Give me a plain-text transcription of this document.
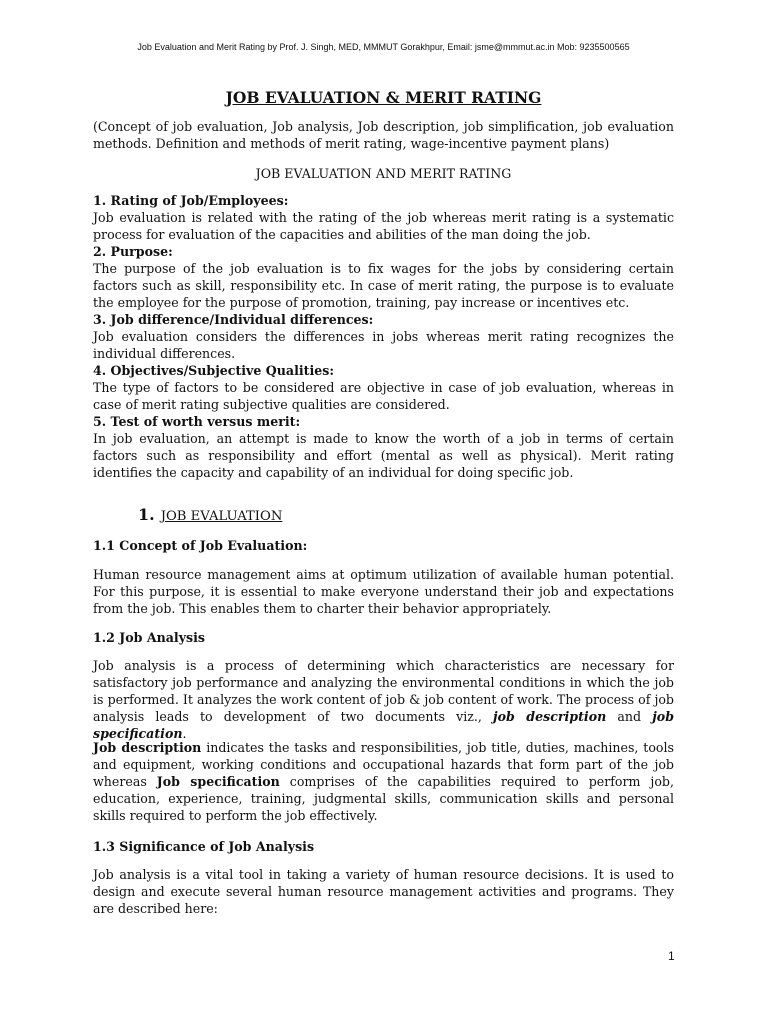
Job Evaluation and Merit Rating by Prof. J. Singh, MED, MMMUT Gorakhpur, Email: jsme@mmmut.ac.in Mob: 9235500565
JOB EVALUATION & MERIT RATING

(Concept of job evaluation, Job analysis, Job description, job simplification, job evaluation methods. Definition and methods of merit rating, wage-incentive payment plans)

JOB EVALUATION AND MERIT RATING

1. Rating of Job/Employees:
Job evaluation is related with the rating of the job whereas merit rating is a systematic process for evaluation of the capacities and abilities of the man doing the job.
2. Purpose:
The purpose of the job evaluation is to fix wages for the jobs by considering certain factors such as skill, responsibility etc. In case of merit rating, the purpose is to evaluate the employee for the purpose of promotion, training, pay increase or incentives etc.
3. Job difference/Individual differences:
Job evaluation considers the differences in jobs whereas merit rating recognizes the individual differences.
4. Objectives/Subjective Qualities:
The type of factors to be considered are objective in case of job evaluation, whereas in case of merit rating subjective qualities are considered.
5. Test of worth versus merit:
In job evaluation, an attempt is made to know the worth of a job in terms of certain factors such as responsibility and effort (mental as well as physical). Merit rating identifies the capacity and capability of an individual for doing specific job.
1. JOB EVALUATION

1.1 Concept of Job Evaluation:

Human resource management aims at optimum utilization of available human potential. For this purpose, it is essential to make everyone understand their job and expectations from the job. This enables them to charter their behavior appropriately.

1.2 Job Analysis

Job analysis is a process of determining which characteristics are necessary for satisfactory job performance and analyzing the environmental conditions in which the job is performed. It analyzes the work content of job & job content of work. The process of job analysis leads to development of two documents viz., job description and job specification.

Job description indicates the tasks and responsibilities, job title, duties, machines, tools and equipment, working conditions and occupational hazards that form part of the job whereas Job specification comprises of the capabilities required to perform job, education, experience, training, judgmental skills, communication skills and personal skills required to perform the job effectively.

1.3 Significance of Job Analysis

Job analysis is a vital tool in taking a variety of human resource decisions. It is used to design and execute several human resource management activities and programs. They are described here:

1
